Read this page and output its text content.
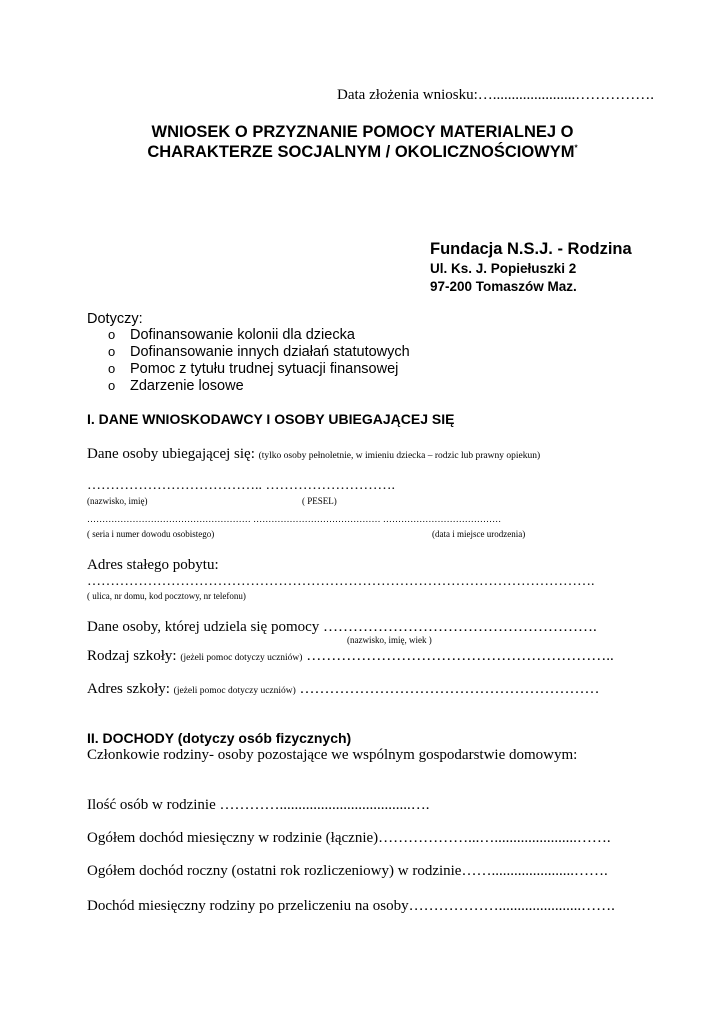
Data złożenia wniosku:…......................…………….
WNIOSEK O PRZYZNANIE POMOCY MATERIALNEJ O
CHARAKTERZE SOCJALNYM / OKOLICZNOŚCIOWYM*
Fundacja N.S.J. - Rodzina
Ul. Ks. J. Popiełuszki 2
97-200 Tomaszów Maz.
Dotyczy:
o Dofinansowanie kolonii dla dziecka
o Dofinansowanie innych działań statutowych
o Pomoc z tytułu trudnej sytuacji finansowej
o Zdarzenie losowe
I. DANE WNIOSKODAWCY I OSOBY UBIEGAJĄCEJ SIĘ
Dane osoby ubiegającej się: (tylko osoby pełnoletnie, w imieniu dziecka – rodzic lub prawny opiekun)
……………………………….. ……………………….
(nazwisko, imię)	( PESEL)
……………………………………………… …………………………………… …………………………………
( seria i numer dowodu osobistego)	(data i miejsce urodzenia)
Adres stałego pobytu:
……………………………………………………………………………………………….
( ulica, nr domu, kod pocztowy, nr telefonu)
Dane osoby, której udziela się pomocy ……………………………………………….
(nazwisko, imię, wiek )
Rodzaj szkoły: (jeżeli pomoc dotyczy uczniów) ……………………………………………………..
Adres szkoły: (jeżeli pomoc dotyczy uczniów) ……………………………………………………
II. DOCHODY (dotyczy osób fizycznych)
Członkowie rodziny- osoby pozostające we wspólnym gospodarstwie domowym:
Ilość osób w rodzinie …………...................................….
Ogółem dochód miesięczny w rodzinie (łącznie)………………...…......................…….
Ogółem dochód roczny (ostatni rok rozliczeniowy) w rodzinie……......................…….
Dochód miesięczny rodziny po przeliczeniu na osoby………………......................…….
